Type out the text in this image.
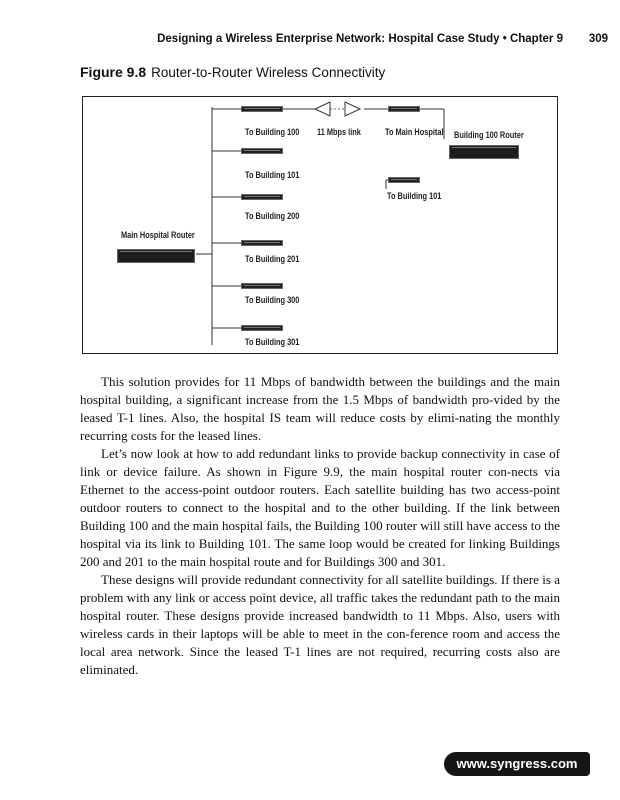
Designing a Wireless Enterprise Network: Hospital Case Study • Chapter 9 309
Figure 9.8 Router-to-Router Wireless Connectivity
Main Hospital Router
To Building 100 11 Mbps link	To Main Hospital Building 100 Router
To Building 101
To Building 101
To Building 200
To Building 201
To Building 300
To Building 301

This solution provides for 11 Mbps of bandwidth between the buildings and the main hospital building, a significant increase from the 1.5 Mbps of bandwidth pro-vided by the leased T-1 lines. Also, the hospital IS team will reduce costs by elimi-nating the monthly recurring costs for the leased lines.

Let’s now look at how to add redundant links to provide backup connectivity in case of link or device failure. As shown in Figure 9.9, the main hospital router con-nects via Ethernet to the access-point outdoor routers. Each satellite building has two access-point outdoor routers to connect to the hospital and to the other building. If the link between Building 100 and the main hospital fails, the Building 100 router will still have access to the hospital via its link to Building 101. The same loop would be created for linking Buildings 200 and 201 to the main hospital route and for Buildings 300 and 301.

These designs will provide redundant connectivity for all satellite buildings. If there is a problem with any link or access point device, all traffic takes the redundant path to the main hospital router. These designs provide increased bandwidth to 11 Mbps. Also, users with wireless cards in their laptops will be able to meet in the con-ference room and access the local area network. Since the leased T-1 lines are not required, recurring costs also are eliminated.

www.syngress.com
